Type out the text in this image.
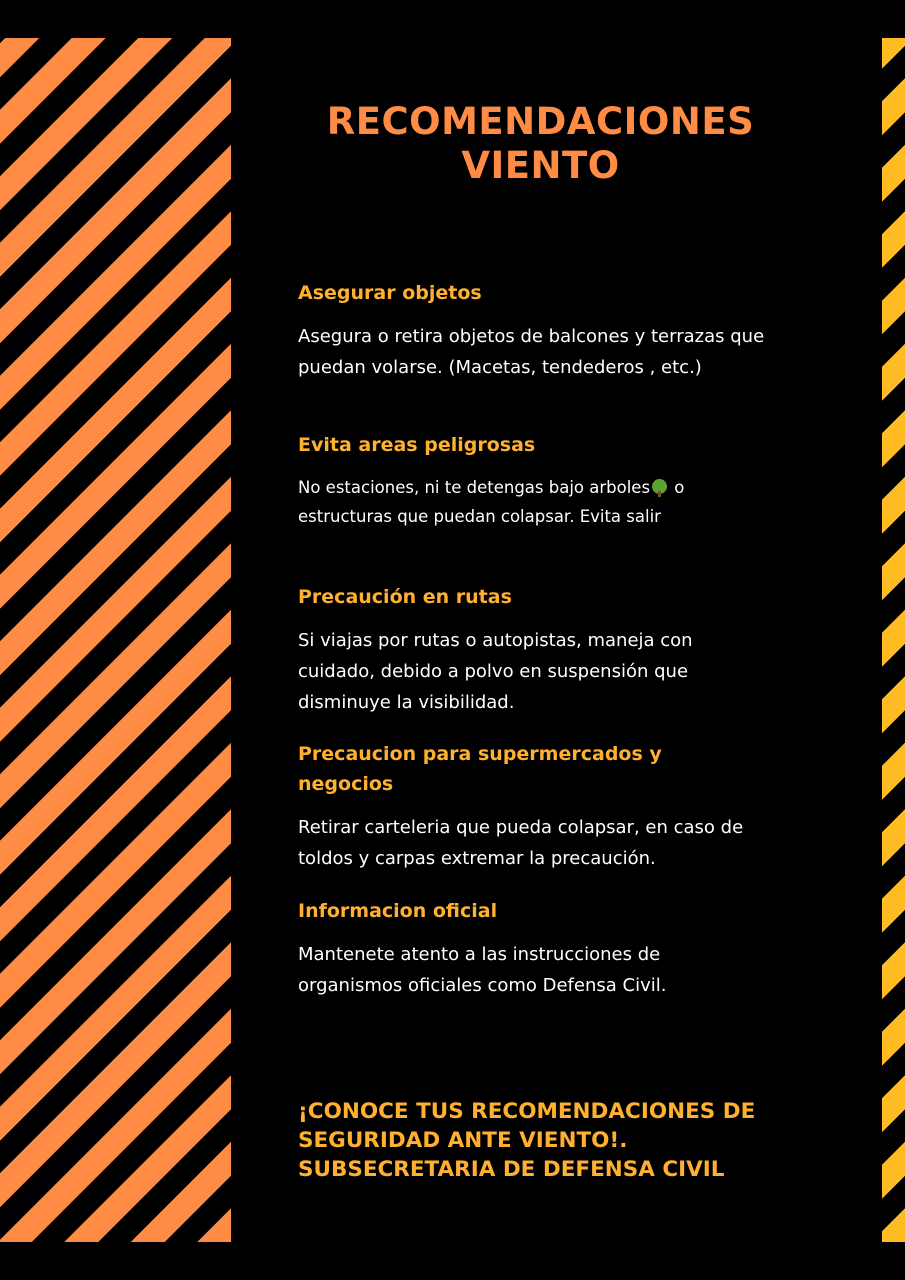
RECOMENDACIONES
VIENTO
Asegurar objetos
Asegura o retira objetos de balcones y terrazas que
puedan volarse. (Macetas, tendederos , etc.)
Evita areas peligrosas
No estaciones, ni te detengas bajo arboles o
estructuras que puedan colapsar. Evita salir
Precaución en rutas
Si viajas por rutas o autopistas, maneja con
cuidado, debido a polvo en suspensión que
disminuye la visibilidad.
Precaucion para supermercados y
negocios
Retirar carteleria que pueda colapsar, en caso de
toldos y carpas extremar la precaución.
Informacion oficial
Mantenete atento a las instrucciones de
organismos oficiales como Defensa Civil.
¡CONOCE TUS RECOMENDACIONES DE
SEGURIDAD ANTE VIENTO!.
SUBSECRETARIA DE DEFENSA CIVIL
